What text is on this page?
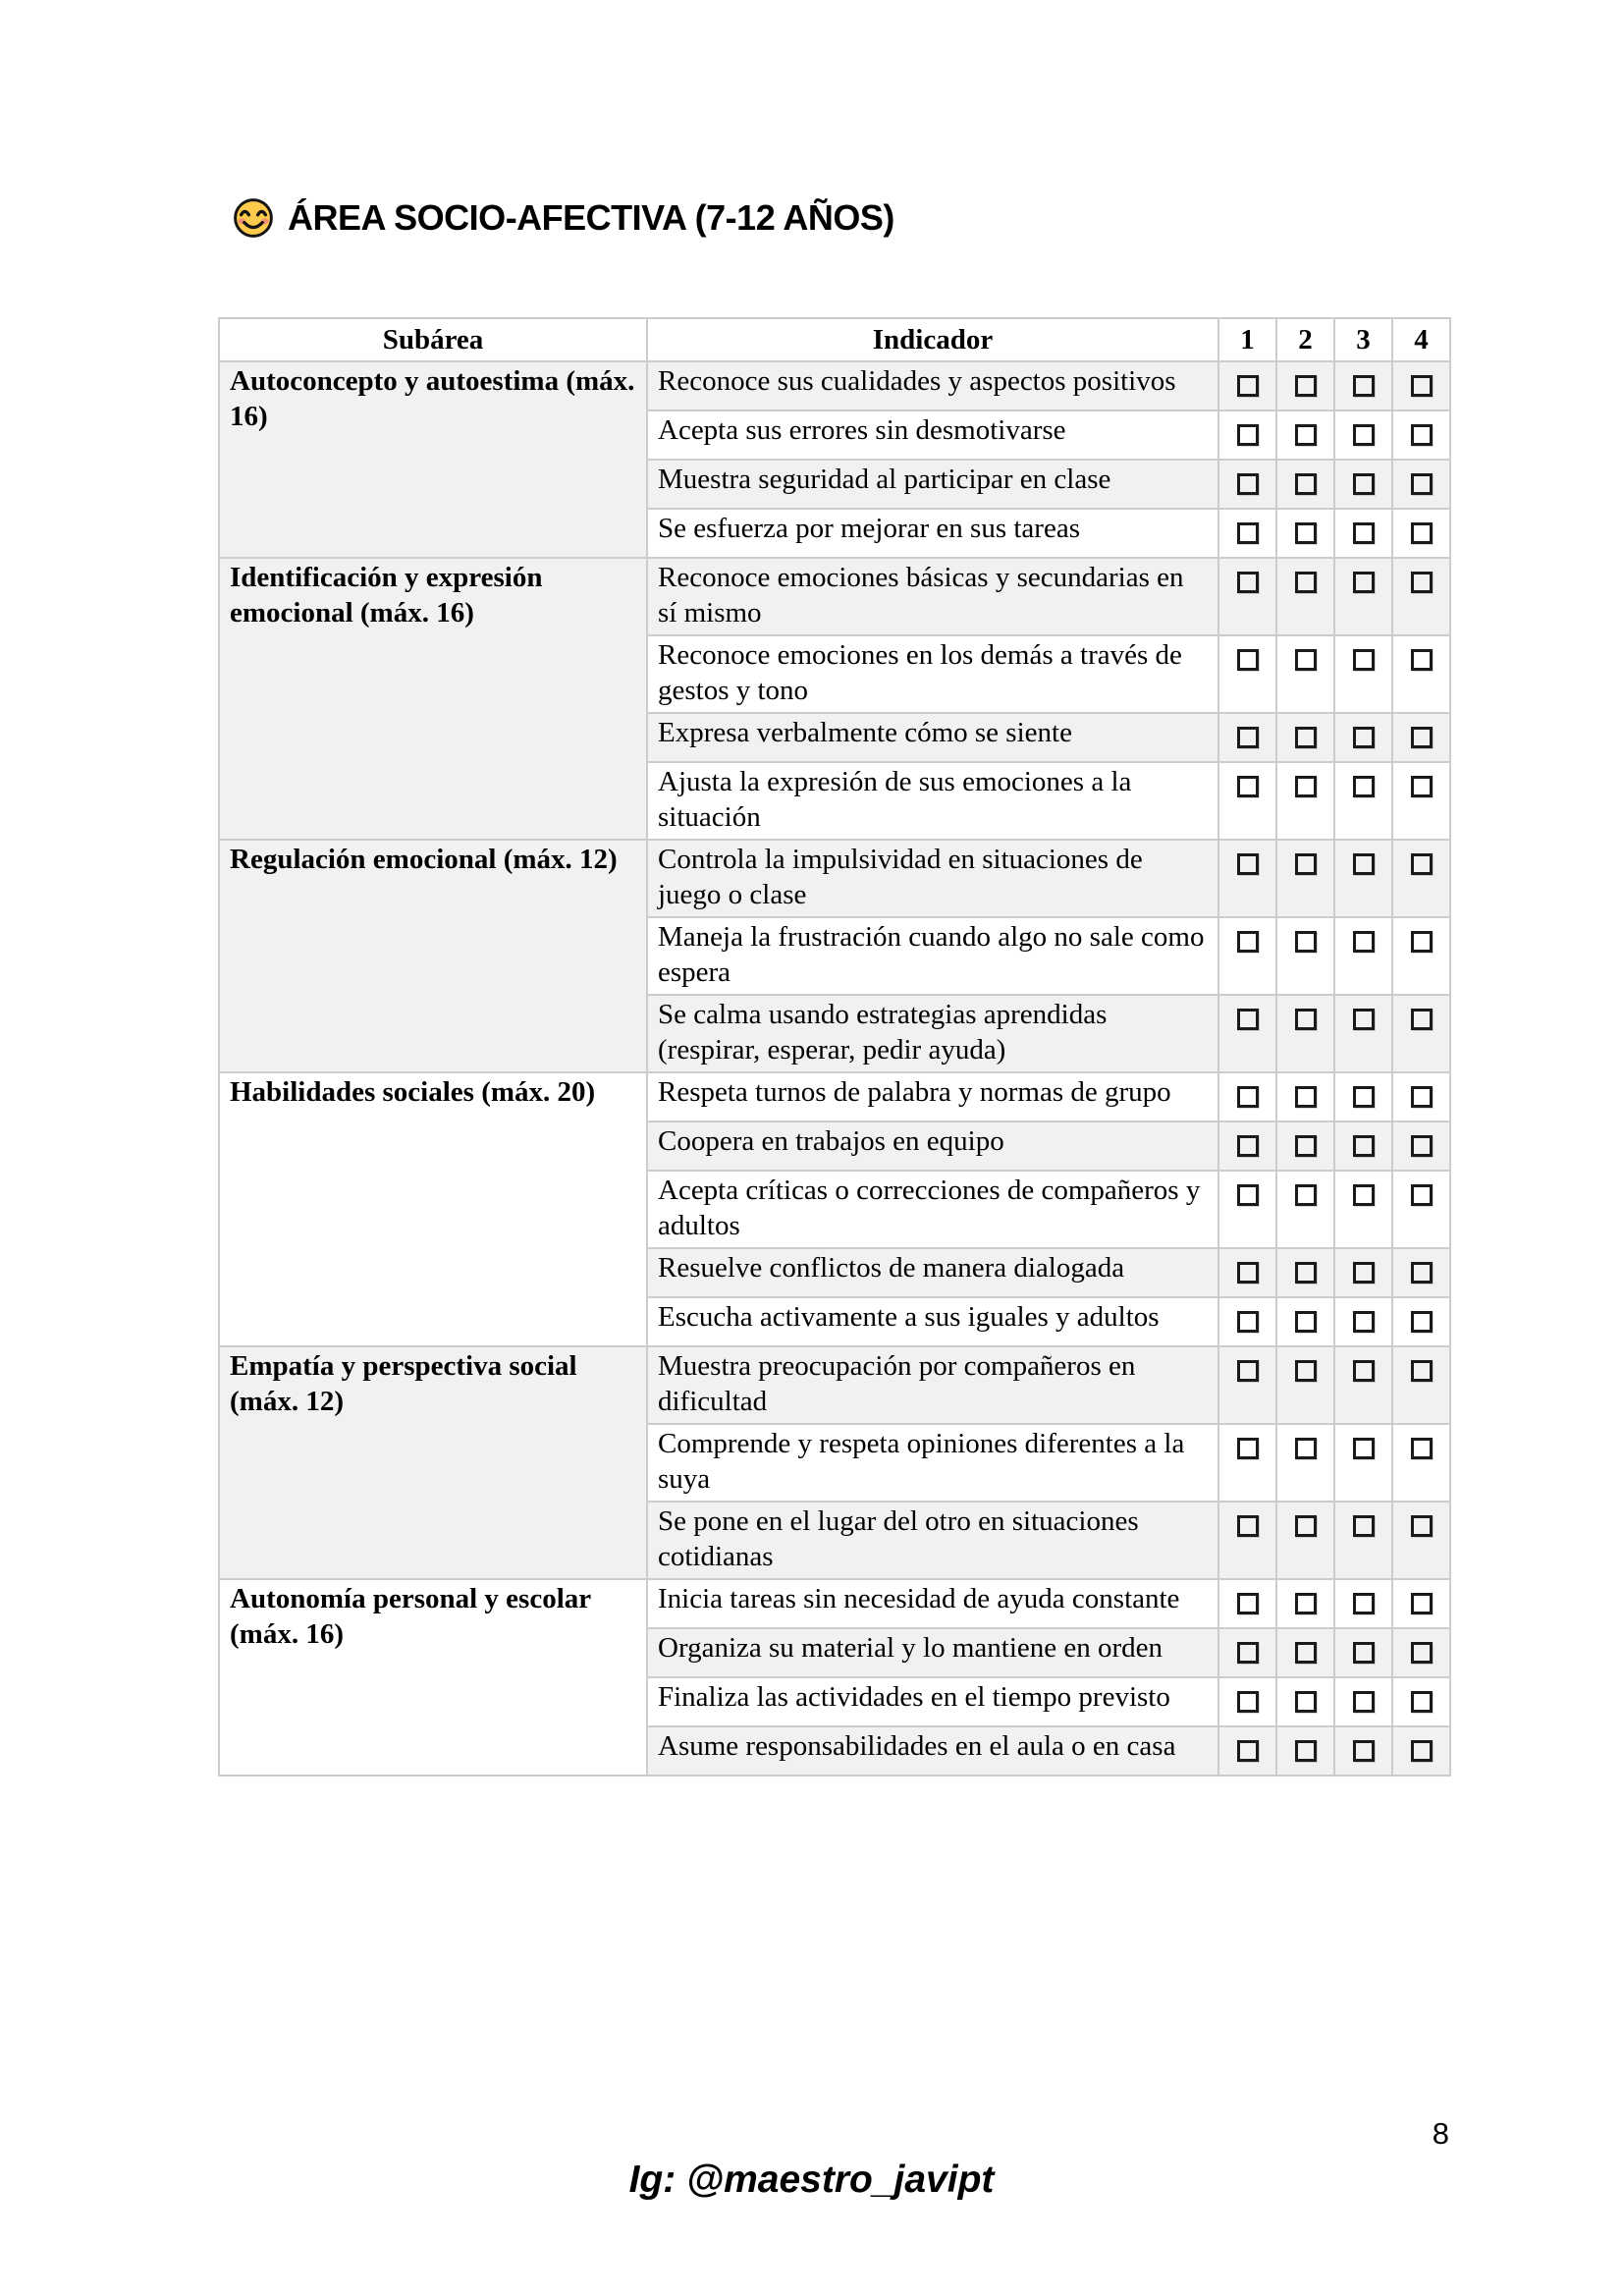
ÁREA SOCIO-AFECTIVA (7-12 AÑOS)
Subárea	Indicador	1	2	3	4
Autoconcepto y autoestima (máx. 16)	Reconoce sus cualidades y aspectos positivos				
	Acepta sus errores sin desmotivarse				
	Muestra seguridad al participar en clase				
	Se esfuerza por mejorar en sus tareas				
Identificación y expresión emocional (máx. 16)	Reconoce emociones básicas y secundarias en sí mismo				
	Reconoce emociones en los demás a través de gestos y tono				
	Expresa verbalmente cómo se siente				
	Ajusta la expresión de sus emociones a la situación				
Regulación emocional (máx. 12)	Controla la impulsividad en situaciones de juego o clase				
	Maneja la frustración cuando algo no sale como espera				
	Se calma usando estrategias aprendidas (respirar, esperar, pedir ayuda)				
Habilidades sociales (máx. 20)	Respeta turnos de palabra y normas de grupo				
	Coopera en trabajos en equipo				
	Acepta críticas o correcciones de compañeros y adultos				
	Resuelve conflictos de manera dialogada				
	Escucha activamente a sus iguales y adultos				
Empatía y perspectiva social (máx. 12)	Muestra preocupación por compañeros en dificultad				
	Comprende y respeta opiniones diferentes a la suya				
	Se pone en el lugar del otro en situaciones cotidianas				
Autonomía personal y escolar (máx. 16)	Inicia tareas sin necesidad de ayuda constante				
	Organiza su material y lo mantiene en orden				
	Finaliza las actividades en el tiempo previsto				
	Asume responsabilidades en el aula o en casa				
8
Ig: @maestro_javipt
